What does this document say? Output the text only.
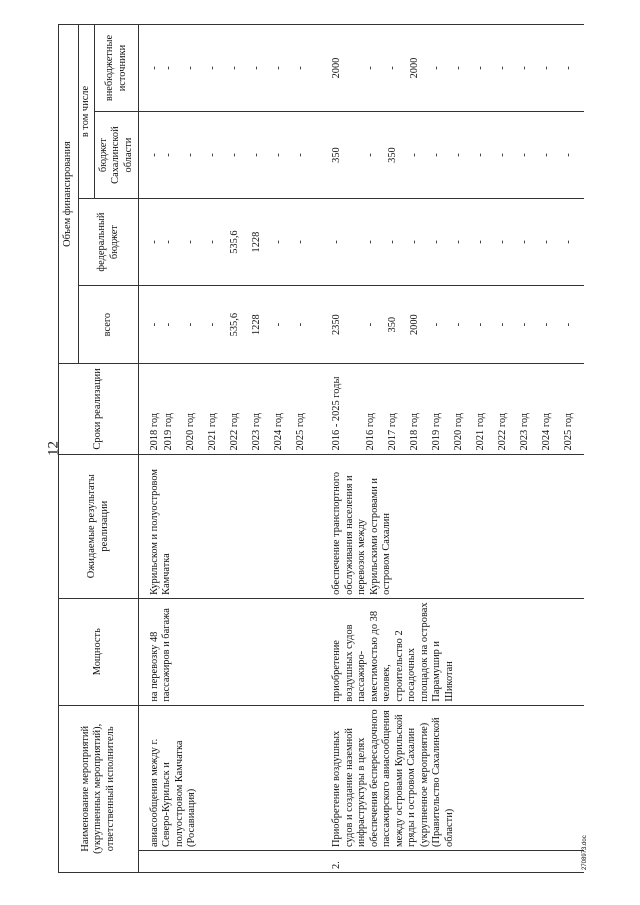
12
2708973.doc
Наименование мероприятий (укрупненных мероприятий), ответственный исполнитель		Мощность	Ожидаемые результаты реализации	Сроки реализации	Объем финансирования			
					всего	федеральный бюджет	в том числе	
							бюджет Сахалинской области	внебюджетные источники
	авиасообщения между г. Северо-Курильск и полуостровом Камчатка (Росавиация)	на перевозку 48 пассажиров и багажа	Курильском и полуостровом Камчатка	2018 год	-	-	-	-
				2019 год	-	-	-	-
				2020 год	-	-	-	-
				2021 год	-	-	-	-
				2022 год	535,6	535,6	-	-
				2023 год	1228	1228	-	-
				2024 год	-	-	-	-
				2025 год	-	-	-	-

2.	Приобретение воздушных судов и создание наземной инфраструктуры в целях обеспечения беспересадочного пассажирского авиасообщения между островами Курильской гряды и островом Сахалин (укрупненное мероприятие) (Правительство Сахалинской области)	приобретение воздушных судов пассажиро-вместимостью до 38 человек, строительство 2 посадочных площадок на островах Парамушир и Шикотан	обеспечение транспортного обслуживания населения и перевозок между Курильскими островами и островом Сахалин	2016 - 2025 годы	2350	-	350	2000
				2016 год	-	-	-	-
				2017 год	350	-	350	-
				2018 год	2000	-	-	2000
				2019 год	-	-	-	-
				2020 год	-	-	-	-
				2021 год	-	-	-	-
				2022 год	-	-	-	-
				2023 год	-	-	-	-
				2024 год	-	-	-	-
				2025 год	-	-	-	-
